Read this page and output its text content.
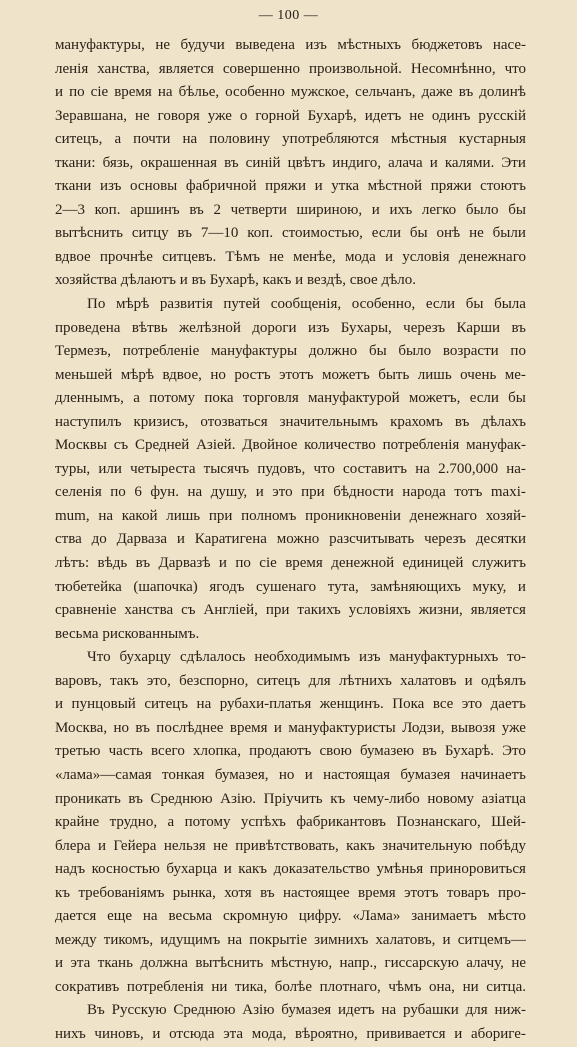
— 100 —
мануфактуры, не будучи выведена изъ мѣстныхъ бюджетовъ насе-
ленія ханства, является совершенно произвольной. Несомнѣнно, что
и по сіе время на бѣлье, особенно мужское, сельчанъ, даже въ долинѣ
Зеравшана, не говоря уже о горной Бухарѣ, идетъ не одинъ русскій
ситецъ, а почти на половину употребляются мѣстныя кустарныя
ткани: бязь, окрашенная въ синій цвѣтъ индиго, алача и калями. Эти
ткани изъ основы фабричной пряжи и утка мѣстной пряжи стоютъ
2—3 коп. аршинъ въ 2 четверти шириною, и ихъ легко было бы
вытѣснить ситцу въ 7—10 коп. стоимостью, если бы онѣ не были
вдвое прочнѣе ситцевъ. Тѣмъ не менѣе, мода и условія денежнаго
хозяйства дѣлаютъ и въ Бухарѣ, какъ и вездѣ, свое дѣло.
По мѣрѣ развитія путей сообщенія, особенно, если бы была
проведена вѣтвь желѣзной дороги изъ Бухары, черезъ Карши въ
Термезъ, потребленіе мануфактуры должно бы было возрасти по
меньшей мѣрѣ вдвое, но ростъ этотъ можетъ быть лишь очень ме-
дленнымъ, а потому пока торговля мануфактурой можетъ, если бы
наступилъ кризисъ, отозваться значительнымъ крахомъ въ дѣлахъ
Москвы съ Средней Азіей. Двойное количество потребленія мануфак-
туры, или четыреста тысячъ пудовъ, что составитъ на 2.700,000 на-
селенія по 6 фун. на душу, и это при бѣдности народа тотъ maxi-
mum, на какой лишь при полномъ проникновеніи денежнаго хозяй-
ства до Дарваза и Каратигена можно разсчитывать черезъ десятки
лѣтъ: вѣдь въ Дарвазѣ и по сіе время денежной единицей служитъ
тюбетейка (шапочка) ягодъ сушенаго тута, замѣняющихъ муку, и
сравненіе ханства съ Англіей, при такихъ условіяхъ жизни, является
весьма рискованнымъ.
Что бухарцу сдѣлалось необходимымъ изъ мануфактурныхъ то-
варовъ, такъ это, безспорно, ситецъ для лѣтнихъ халатовъ и одѣялъ
и пунцовый ситецъ на рубахи-платья женщинъ. Пока все это даетъ
Москва, но въ послѣднее время и мануфактуристы Лодзи, вывозя уже
третью часть всего хлопка, продаютъ свою бумазею въ Бухарѣ. Это
«лама»—самая тонкая бумазея, но и настоящая бумазея начинаетъ
проникать въ Среднюю Азію. Пріучить къ чему-либо новому азіатца
крайне трудно, а потому успѣхъ фабрикантовъ Познанскаго, Шей-
блера и Гейера нельзя не привѣтствовать, какъ значительную побѣду
надъ косностью бухарца и какъ доказательство умѣнья приноровиться
къ требованіямъ рынка, хотя въ настоящее время этотъ товаръ про-
дается еще на весьма скромную цифру. «Лама» занимаетъ мѣсто
между тикомъ, идущимъ на покрытіе зимнихъ халатовъ, и ситцемъ—
и эта ткань должна вытѣснить мѣстную, напр., гиссарскую алачу, не
сокративъ потребленія ни тика, болѣе плотнаго, чѣмъ она, ни ситца.
Въ Русскую Среднюю Азію бумазея идетъ на рубашки для ниж-
нихъ чиновъ, и отсюда эта мода, вѣроятно, прививается и абориге-
